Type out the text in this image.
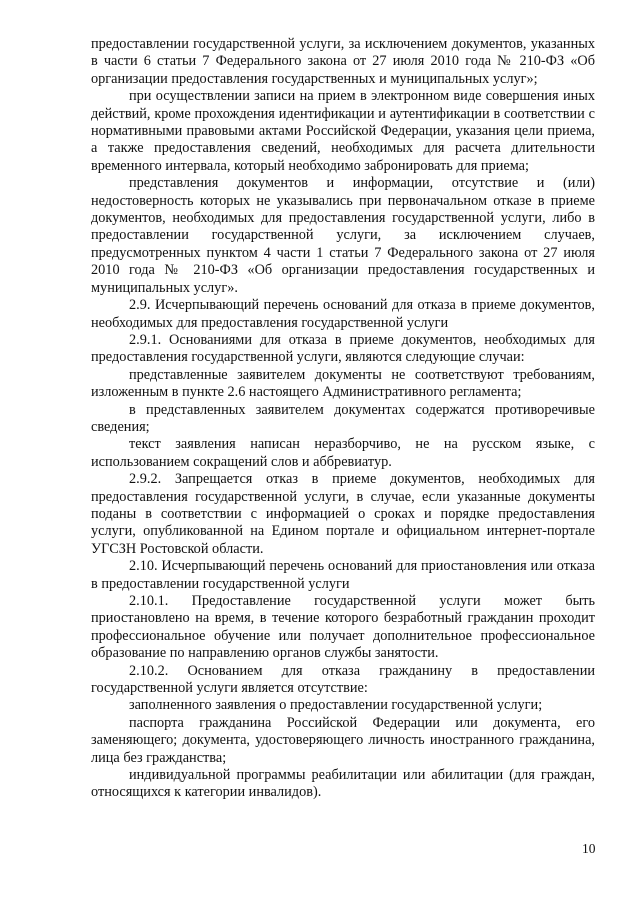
предоставлении государственной услуги, за исключением документов, указанных в части 6 статьи 7 Федерального закона от 27 июля 2010 года № 210-ФЗ «Об организации предоставления государственных и муниципальных услуг»;

при осуществлении записи на прием в электронном виде совершения иных действий, кроме прохождения идентификации и аутентификации в соответствии с нормативными правовыми актами Российской Федерации, указания цели приема, а также предоставления сведений, необходимых для расчета длительности временного интервала, который необходимо забронировать для приема;

представления документов и информации, отсутствие и (или) недостоверность которых не указывались при первоначальном отказе в приеме документов, необходимых для предоставления государственной услуги, либо в предоставлении государственной услуги, за исключением случаев, предусмотренных пунктом 4 части 1 статьи 7 Федерального закона от 27 июля 2010 года № 210-ФЗ «Об организации предоставления государственных и муниципальных услуг».

2.9. Исчерпывающий перечень оснований для отказа в приеме документов, необходимых для предоставления государственной услуги

2.9.1. Основаниями для отказа в приеме документов, необходимых для предоставления государственной услуги, являются следующие случаи:

представленные заявителем документы не соответствуют требованиям, изложенным в пункте 2.6 настоящего Административного регламента;

в представленных заявителем документах содержатся противоречивые сведения;

текст заявления написан неразборчиво, не на русском языке, с использованием сокращений слов и аббревиатур.

2.9.2. Запрещается отказ в приеме документов, необходимых для предоставления государственной услуги, в случае, если указанные документы поданы в соответствии с информацией о сроках и порядке предоставления услуги, опубликованной на Едином портале и официальном интернет-портале УГСЗН Ростовской области.

2.10. Исчерпывающий перечень оснований для приостановления или отказа в предоставлении государственной услуги

2.10.1. Предоставление государственной услуги может быть приостановлено на время, в течение которого безработный гражданин проходит профессиональное обучение или получает дополнительное профессиональное образование по направлению органов службы занятости.

2.10.2. Основанием для отказа гражданину в предоставлении государственной услуги является отсутствие:

заполненного заявления о предоставлении государственной услуги;

паспорта гражданина Российской Федерации или документа, его заменяющего; документа, удостоверяющего личность иностранного гражданина, лица без гражданства;

индивидуальной программы реабилитации или абилитации (для граждан, относящихся к категории инвалидов).

10
